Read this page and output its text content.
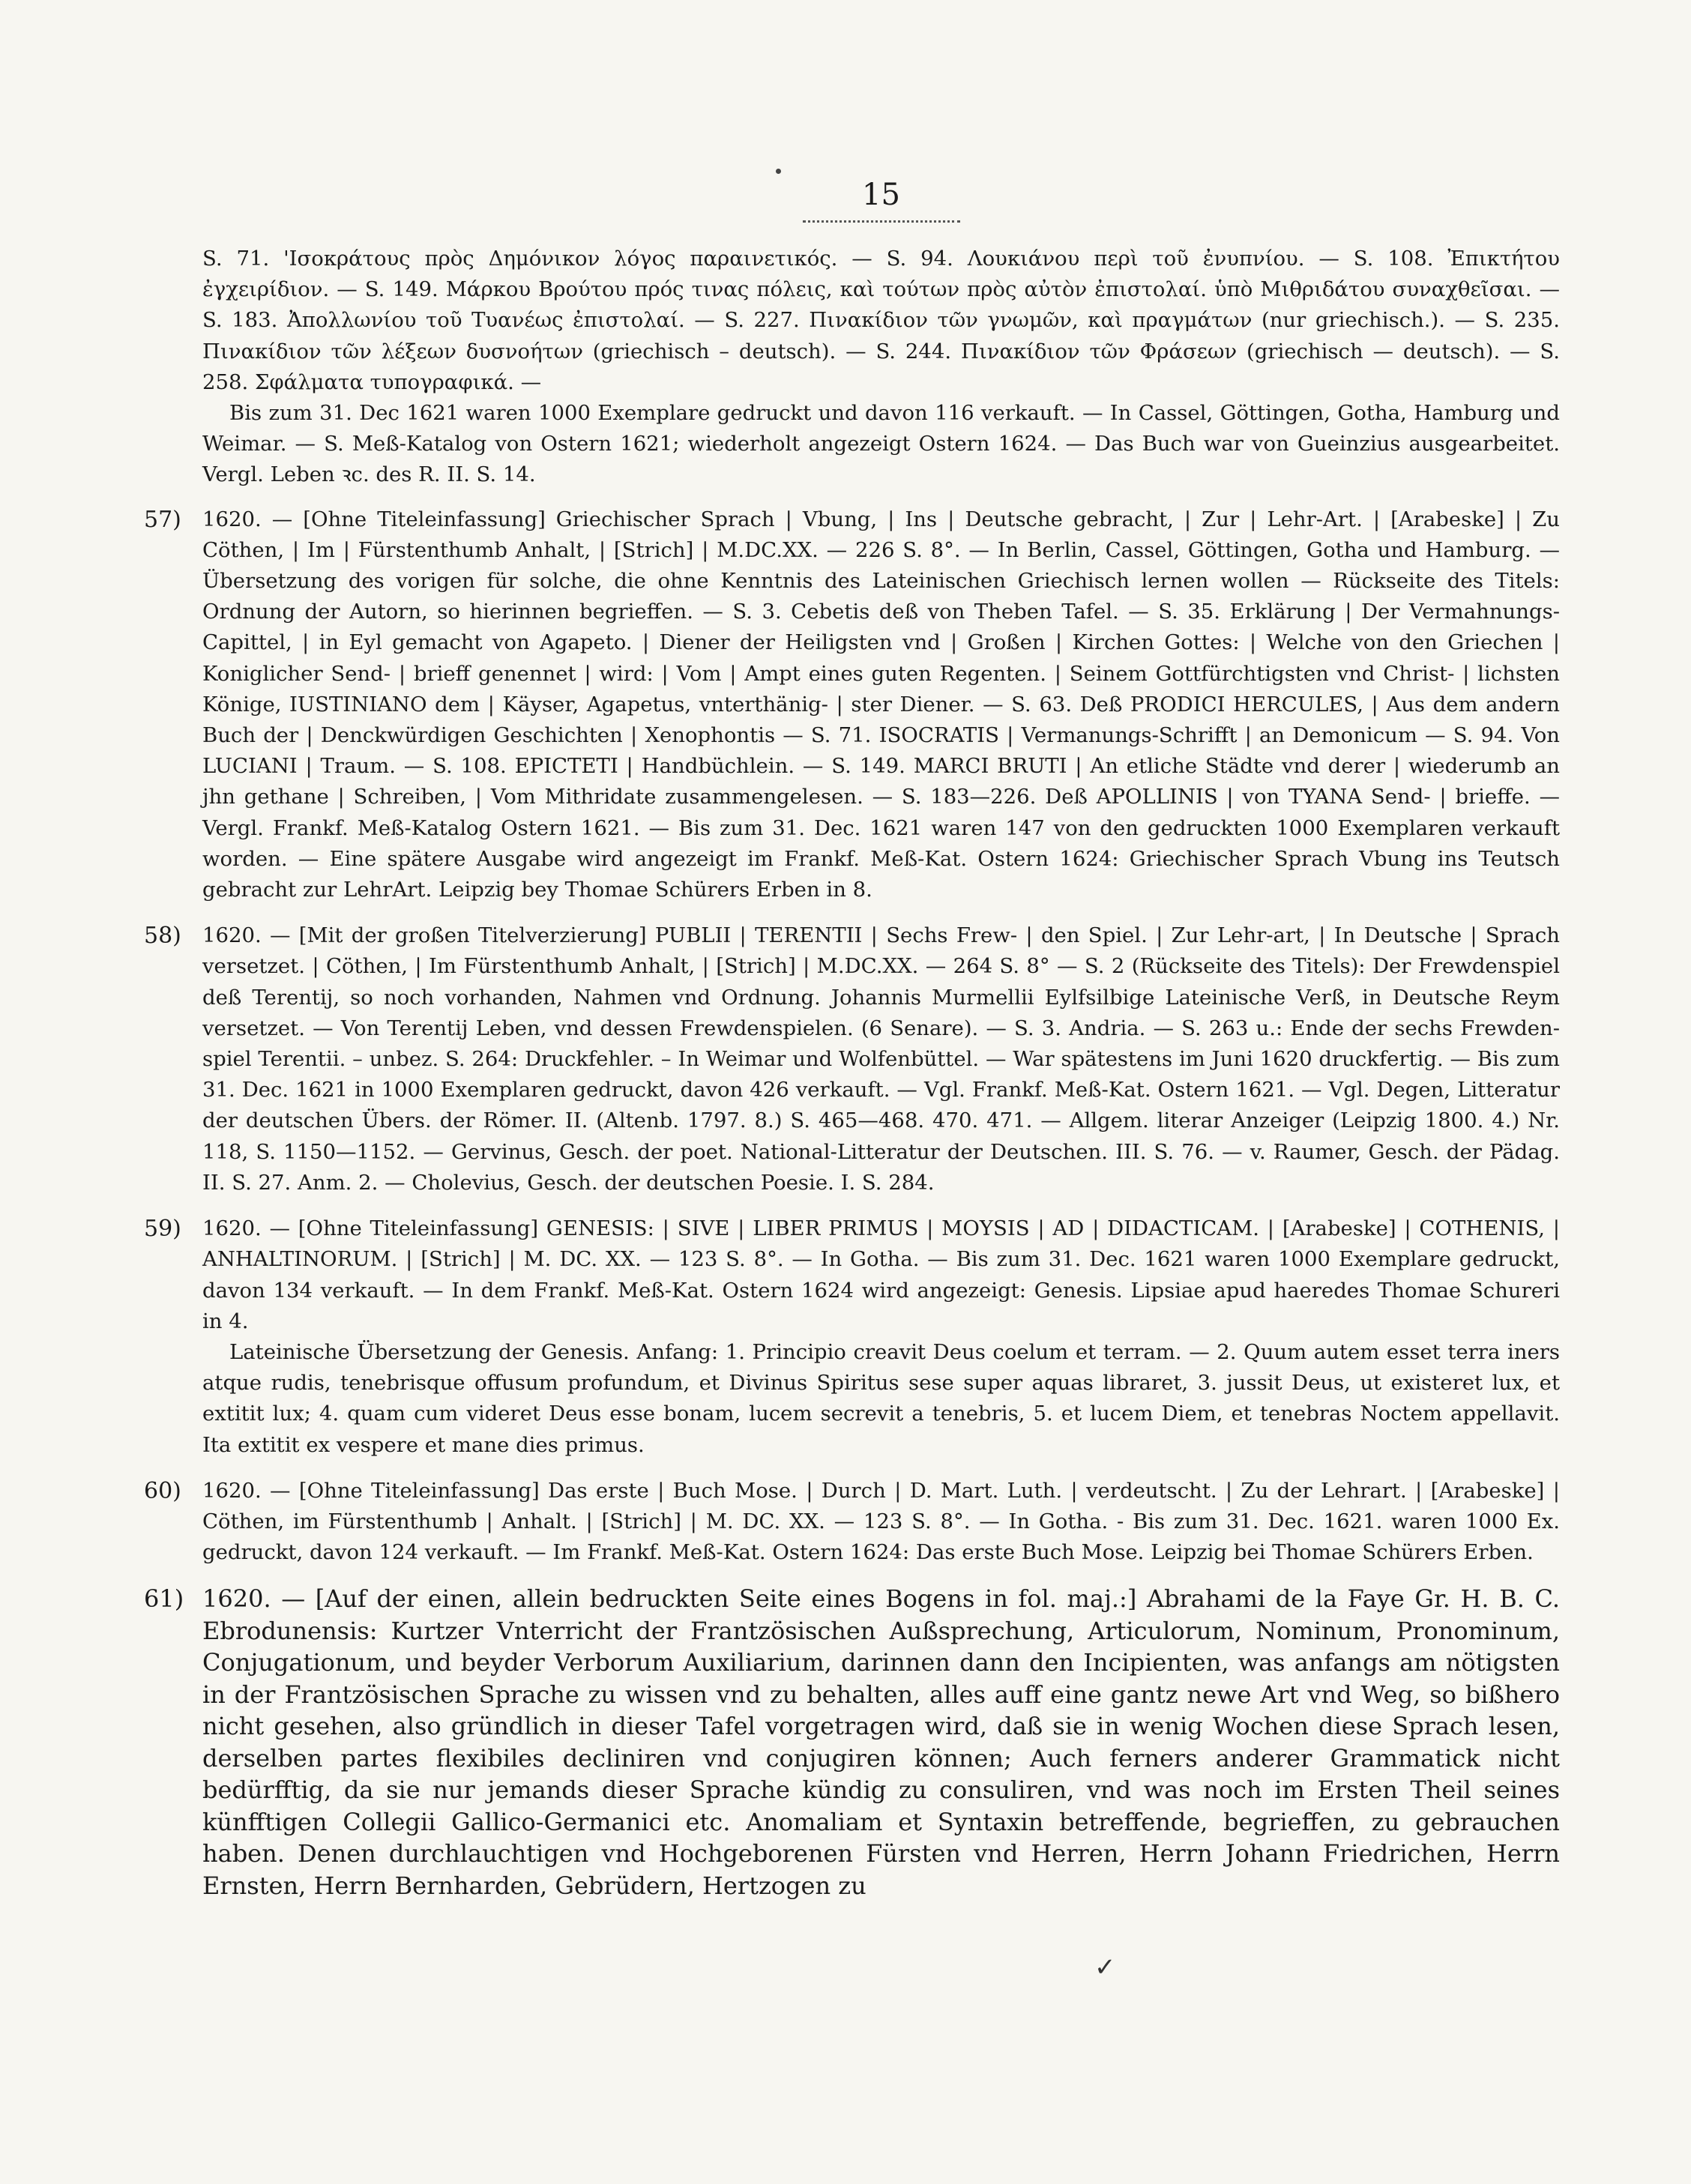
15

S. 71. 'Ισοκράτους πρὸς Δημόνικον λόγος παραινετικός. — S. 94. Λουκιάνου περὶ τοῦ ἐνυπνίου. — S. 108. Ἐπικτήτου ἐγχειρίδιον. — S. 149. Μάρκου Βρούτου πρός τινας πόλεις, καὶ τούτων πρὸς αὐτὸν ἐπιστολαί. ὑπὸ Μιθριδάτου συναχθεῖσαι. — S. 183. Ἀπολλωνίου τοῦ Τυανέως ἐπιστολαί. — S. 227. Πινακίδιον τῶν γνωμῶν, καὶ πραγμάτων (nur griechisch.). — S. 235. Πινακίδιον τῶν λέξεων δυσνοήτων (griechisch – deutsch). — S. 244. Πινακίδιον τῶν Φράσεων (griechisch — deutsch). — S. 258. Σφάλματα τυπογραφικά. —

Bis zum 31. Dec 1621 waren 1000 Exemplare gedruckt und davon 116 verkauft. — In Cassel, Göttingen, Gotha, Hamburg und Weimar. — S. Meß-Katalog von Ostern 1621; wiederholt angezeigt Ostern 1624. — Das Buch war von Gueinzius ausgearbeitet. Vergl. Leben ꝛc. des R. II. S. 14.

57) 1620. — [Ohne Titeleinfassung] Griechischer Sprach | Vbung, | Ins | Deutsche gebracht, | Zur | Lehr-Art. | [Arabeske] | Zu Cöthen, | Im | Fürstenthumb Anhalt, | [Strich] | M.DC.XX. — 226 S. 8°. — In Berlin, Cassel, Göttingen, Gotha und Hamburg. — Übersetzung des vorigen für solche, die ohne Kenntnis des Lateinischen Griechisch lernen wollen — Rückseite des Titels: Ordnung der Autorn, so hierinnen begrieffen. — S. 3. Cebetis deß von Theben Tafel. — S. 35. Erklärung | Der Vermahnungs-Capittel, | in Eyl gemacht von Agapeto. | Diener der Heiligsten vnd | Großen | Kirchen Gottes: | Welche von den Griechen | Koniglicher Send- | brieff genennet | wird: | Vom | Ampt eines guten Regenten. | Seinem Gottfürchtigsten vnd Christ- | lichsten Könige, IUSTINIANO dem | Käyser, Agapetus, vnterthänig- | ster Diener. — S. 63. Deß PRODICI HERCULES, | Aus dem andern Buch der | Denckwürdigen Geschichten | Xenophontis — S. 71. ISOCRATIS | Vermanungs-Schrifft | an Demonicum — S. 94. Von LUCIANI | Traum. — S. 108. EPICTETI | Handbüchlein. — S. 149. MARCI BRUTI | An etliche Städte vnd derer | wiederumb an jhn gethane | Schreiben, | Vom Mithridate zusammengelesen. — S. 183—226. Deß APOLLINIS | von TYANA Send- | brieffe. — Vergl. Frankf. Meß-Katalog Ostern 1621. — Bis zum 31. Dec. 1621 waren 147 von den gedruckten 1000 Exemplaren verkauft worden. — Eine spätere Ausgabe wird angezeigt im Frankf. Meß-Kat. Ostern 1624: Griechischer Sprach Vbung ins Teutsch gebracht zur LehrArt. Leipzig bey Thomae Schürers Erben in 8.

58) 1620. — [Mit der großen Titelverzierung] PUBLII | TERENTII | Sechs Frew- | den Spiel. | Zur Lehr-art, | In Deutsche | Sprach versetzet. | Cöthen, | Im Fürstenthumb Anhalt, | [Strich] | M.DC.XX. — 264 S. 8° — S. 2 (Rückseite des Titels): Der Frewdenspiel deß Terentij, so noch vorhanden, Nahmen vnd Ordnung. Johannis Murmellii Eylfsilbige Lateinische Verß, in Deutsche Reym versetzet. — Von Terentij Leben, vnd dessen Frewdenspielen. (6 Senare). — S. 3. Andria. — S. 263 u.: Ende der sechs Frewden-spiel Terentii. – unbez. S. 264: Druckfehler. – In Weimar und Wolfenbüttel. — War spätestens im Juni 1620 druckfertig. — Bis zum 31. Dec. 1621 in 1000 Exemplaren gedruckt, davon 426 verkauft. — Vgl. Frankf. Meß-Kat. Ostern 1621. — Vgl. Degen, Litteratur der deutschen Übers. der Römer. II. (Altenb. 1797. 8.) S. 465—468. 470. 471. — Allgem. literar Anzeiger (Leipzig 1800. 4.) Nr. 118, S. 1150—1152. — Gervinus, Gesch. der poet. National-Litteratur der Deutschen. III. S. 76. — v. Raumer, Gesch. der Pädag. II. S. 27. Anm. 2. — Cholevius, Gesch. der deutschen Poesie. I. S. 284.

59) 1620. — [Ohne Titeleinfassung] GENESIS: | SIVE | LIBER PRIMUS | MOYSIS | AD | DIDACTICAM. | [Arabeske] | COTHENIS, | ANHALTINORUM. | [Strich] | M. DC. XX. — 123 S. 8°. — In Gotha. — Bis zum 31. Dec. 1621 waren 1000 Exemplare gedruckt, davon 134 verkauft. — In dem Frankf. Meß-Kat. Ostern 1624 wird angezeigt: Genesis. Lipsiae apud haeredes Thomae Schureri in 4.

Lateinische Übersetzung der Genesis. Anfang: 1. Principio creavit Deus coelum et terram. — 2. Quum autem esset terra iners atque rudis, tenebrisque offusum profundum, et Divinus Spiritus sese super aquas libraret, 3. jussit Deus, ut existeret lux, et extitit lux; 4. quam cum videret Deus esse bonam, lucem secrevit a tenebris, 5. et lucem Diem, et tenebras Noctem appellavit. Ita extitit ex vespere et mane dies primus.

60) 1620. — [Ohne Titeleinfassung] Das erste | Buch Mose. | Durch | D. Mart. Luth. | verdeutscht. | Zu der Lehrart. | [Arabeske] | Cöthen, im Fürstenthumb | Anhalt. | [Strich] | M. DC. XX. — 123 S. 8°. — In Gotha. - Bis zum 31. Dec. 1621. waren 1000 Ex. gedruckt, davon 124 verkauft. — Im Frankf. Meß-Kat. Ostern 1624: Das erste Buch Mose. Leipzig bei Thomae Schürers Erben.

61) 1620. — [Auf der einen, allein bedruckten Seite eines Bogens in fol. maj.:] Abrahami de la Faye Gr. H. B. C. Ebrodunensis: Kurtzer Vnterricht der Frantzösischen Außsprechung, Articulorum, Nominum, Pronominum, Conjugationum, und beyder Verborum Auxiliarium, darinnen dann den Incipienten, was anfangs am nötigsten in der Frantzösischen Sprache zu wissen vnd zu behalten, alles auff eine gantz newe Art vnd Weg, so bißhero nicht gesehen, also gründlich in dieser Tafel vorgetragen wird, daß sie in wenig Wochen diese Sprach lesen, derselben partes flexibiles decliniren vnd conjugiren können; Auch ferners anderer Grammatick nicht bedürfftig, da sie nur jemands dieser Sprache kündig zu consuliren, vnd was noch im Ersten Theil seines künfftigen Collegii Gallico-Germanici etc. Anomaliam et Syntaxin betreffende, begrieffen, zu gebrauchen haben. Denen durchlauchtigen vnd Hochgeborenen Fürsten vnd Herren, Herrn Johann Friedrichen, Herrn Ernsten, Herrn Bernharden, Gebrüdern, Hertzogen zu

✓
